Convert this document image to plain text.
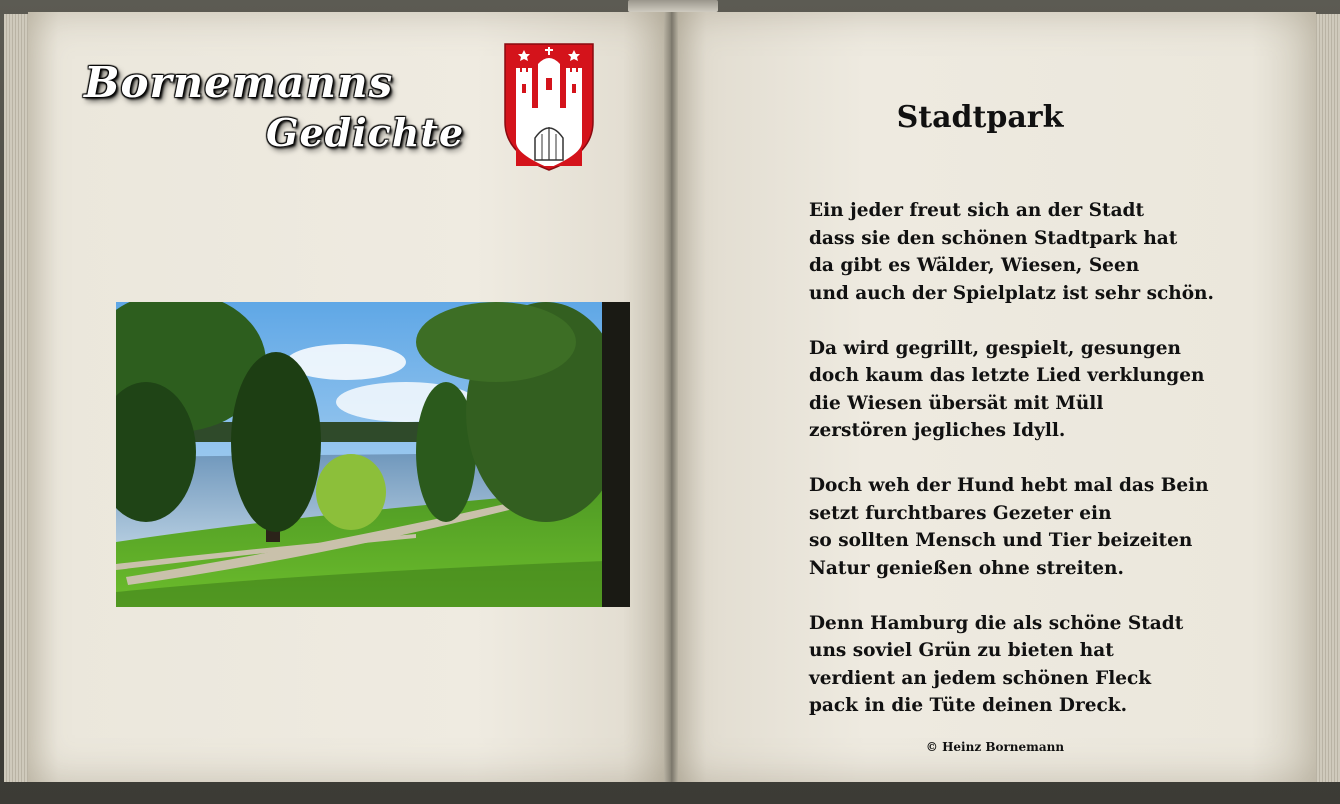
Bornemanns
Gedichte	Stadtpark
Ein jeder freut sich an der Stadt
dass sie den schönen Stadtpark hat
da gibt es Wälder, Wiesen, Seen
und auch der Spielplatz ist sehr schön.
Da wird gegrillt, gespielt, gesungen
doch kaum das letzte Lied verklungen
die Wiesen übersät mit Müll
zerstören jegliches Idyll.
Doch weh der Hund hebt mal das Bein
setzt furchtbares Gezeter ein
so sollten Mensch und Tier beizeiten
Natur genießen ohne streiten.
Denn Hamburg die als schöne Stadt
uns soviel Grün zu bieten hat
verdient an jedem schönen Fleck
pack in die Tüte deinen Dreck.
© Heinz Bornemann
